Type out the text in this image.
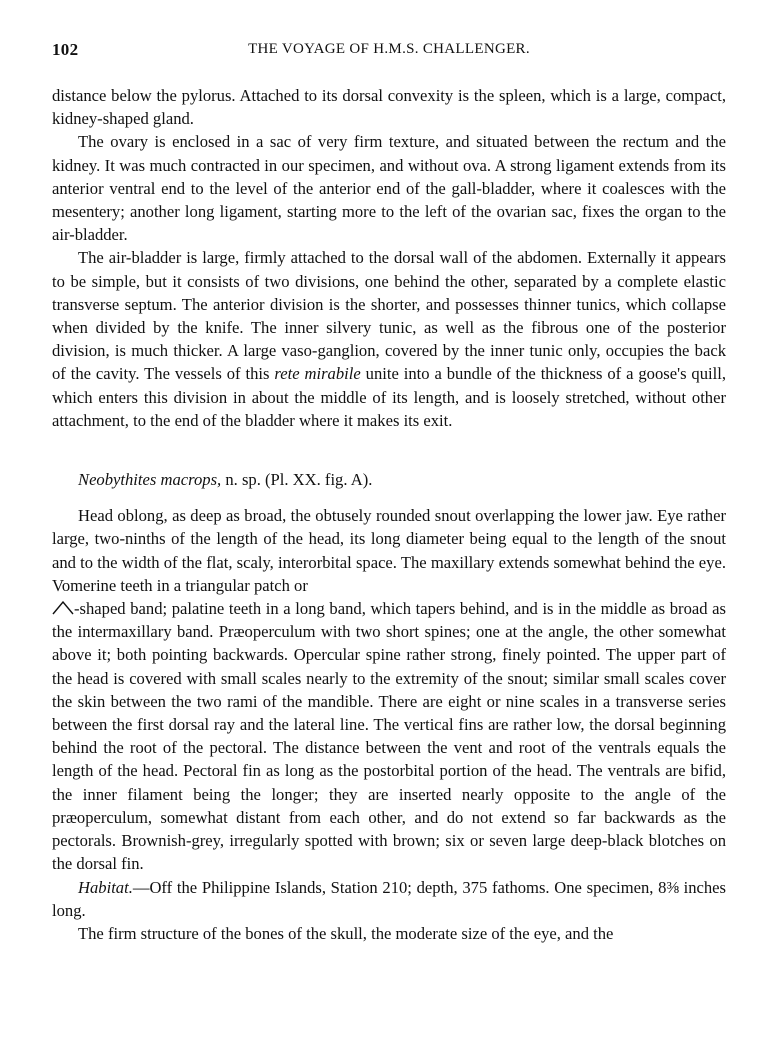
102	THE VOYAGE OF H.M.S. CHALLENGER.

distance below the pylorus. Attached to its dorsal convexity is the spleen, which is a large, compact, kidney-shaped gland.

The ovary is enclosed in a sac of very firm texture, and situated between the rectum and the kidney. It was much contracted in our specimen, and without ova. A strong ligament extends from its anterior ventral end to the level of the anterior end of the gall-bladder, where it coalesces with the mesentery; another long ligament, starting more to the left of the ovarian sac, fixes the organ to the air-bladder.

The air-bladder is large, firmly attached to the dorsal wall of the abdomen. Externally it appears to be simple, but it consists of two divisions, one behind the other, separated by a complete elastic transverse septum. The anterior division is the shorter, and possesses thinner tunics, which collapse when divided by the knife. The inner silvery tunic, as well as the fibrous one of the posterior division, is much thicker. A large vaso-ganglion, covered by the inner tunic only, occupies the back of the cavity. The vessels of this rete mirabile unite into a bundle of the thickness of a goose's quill, which enters this division in about the middle of its length, and is loosely stretched, without other attachment, to the end of the bladder where it makes its exit.

Neobythites macrops, n. sp. (Pl. XX. fig. A).

Head oblong, as deep as broad, the obtusely rounded snout overlapping the lower jaw. Eye rather large, two-ninths of the length of the head, its long diameter being equal to the length of the snout and to the width of the flat, scaly, interorbital space. The maxillary extends somewhat behind the eye. Vomerine teeth in a triangular patch or

-shaped band; palatine teeth in a long band, which tapers behind, and is in the middle as broad as the intermaxillary band. Præoperculum with two short spines; one at the angle, the other somewhat above it; both pointing backwards. Opercular spine rather strong, finely pointed. The upper part of the head is covered with small scales nearly to the extremity of the snout; similar small scales cover the skin between the two rami of the mandible. There are eight or nine scales in a transverse series between the first dorsal ray and the lateral line. The vertical fins are rather low, the dorsal beginning behind the root of the pectoral. The distance between the vent and root of the ventrals equals the length of the head. Pectoral fin as long as the postorbital portion of the head. The ventrals are bifid, the inner filament being the longer; they are inserted nearly opposite to the angle of the præoperculum, somewhat distant from each other, and do not extend so far backwards as the pectorals. Brownish-grey, irregularly spotted with brown; six or seven large deep-black blotches on the dorsal fin.

Habitat.—Off the Philippine Islands, Station 210; depth, 375 fathoms. One specimen, 8⅜ inches long.

The firm structure of the bones of the skull, the moderate size of the eye, and the
